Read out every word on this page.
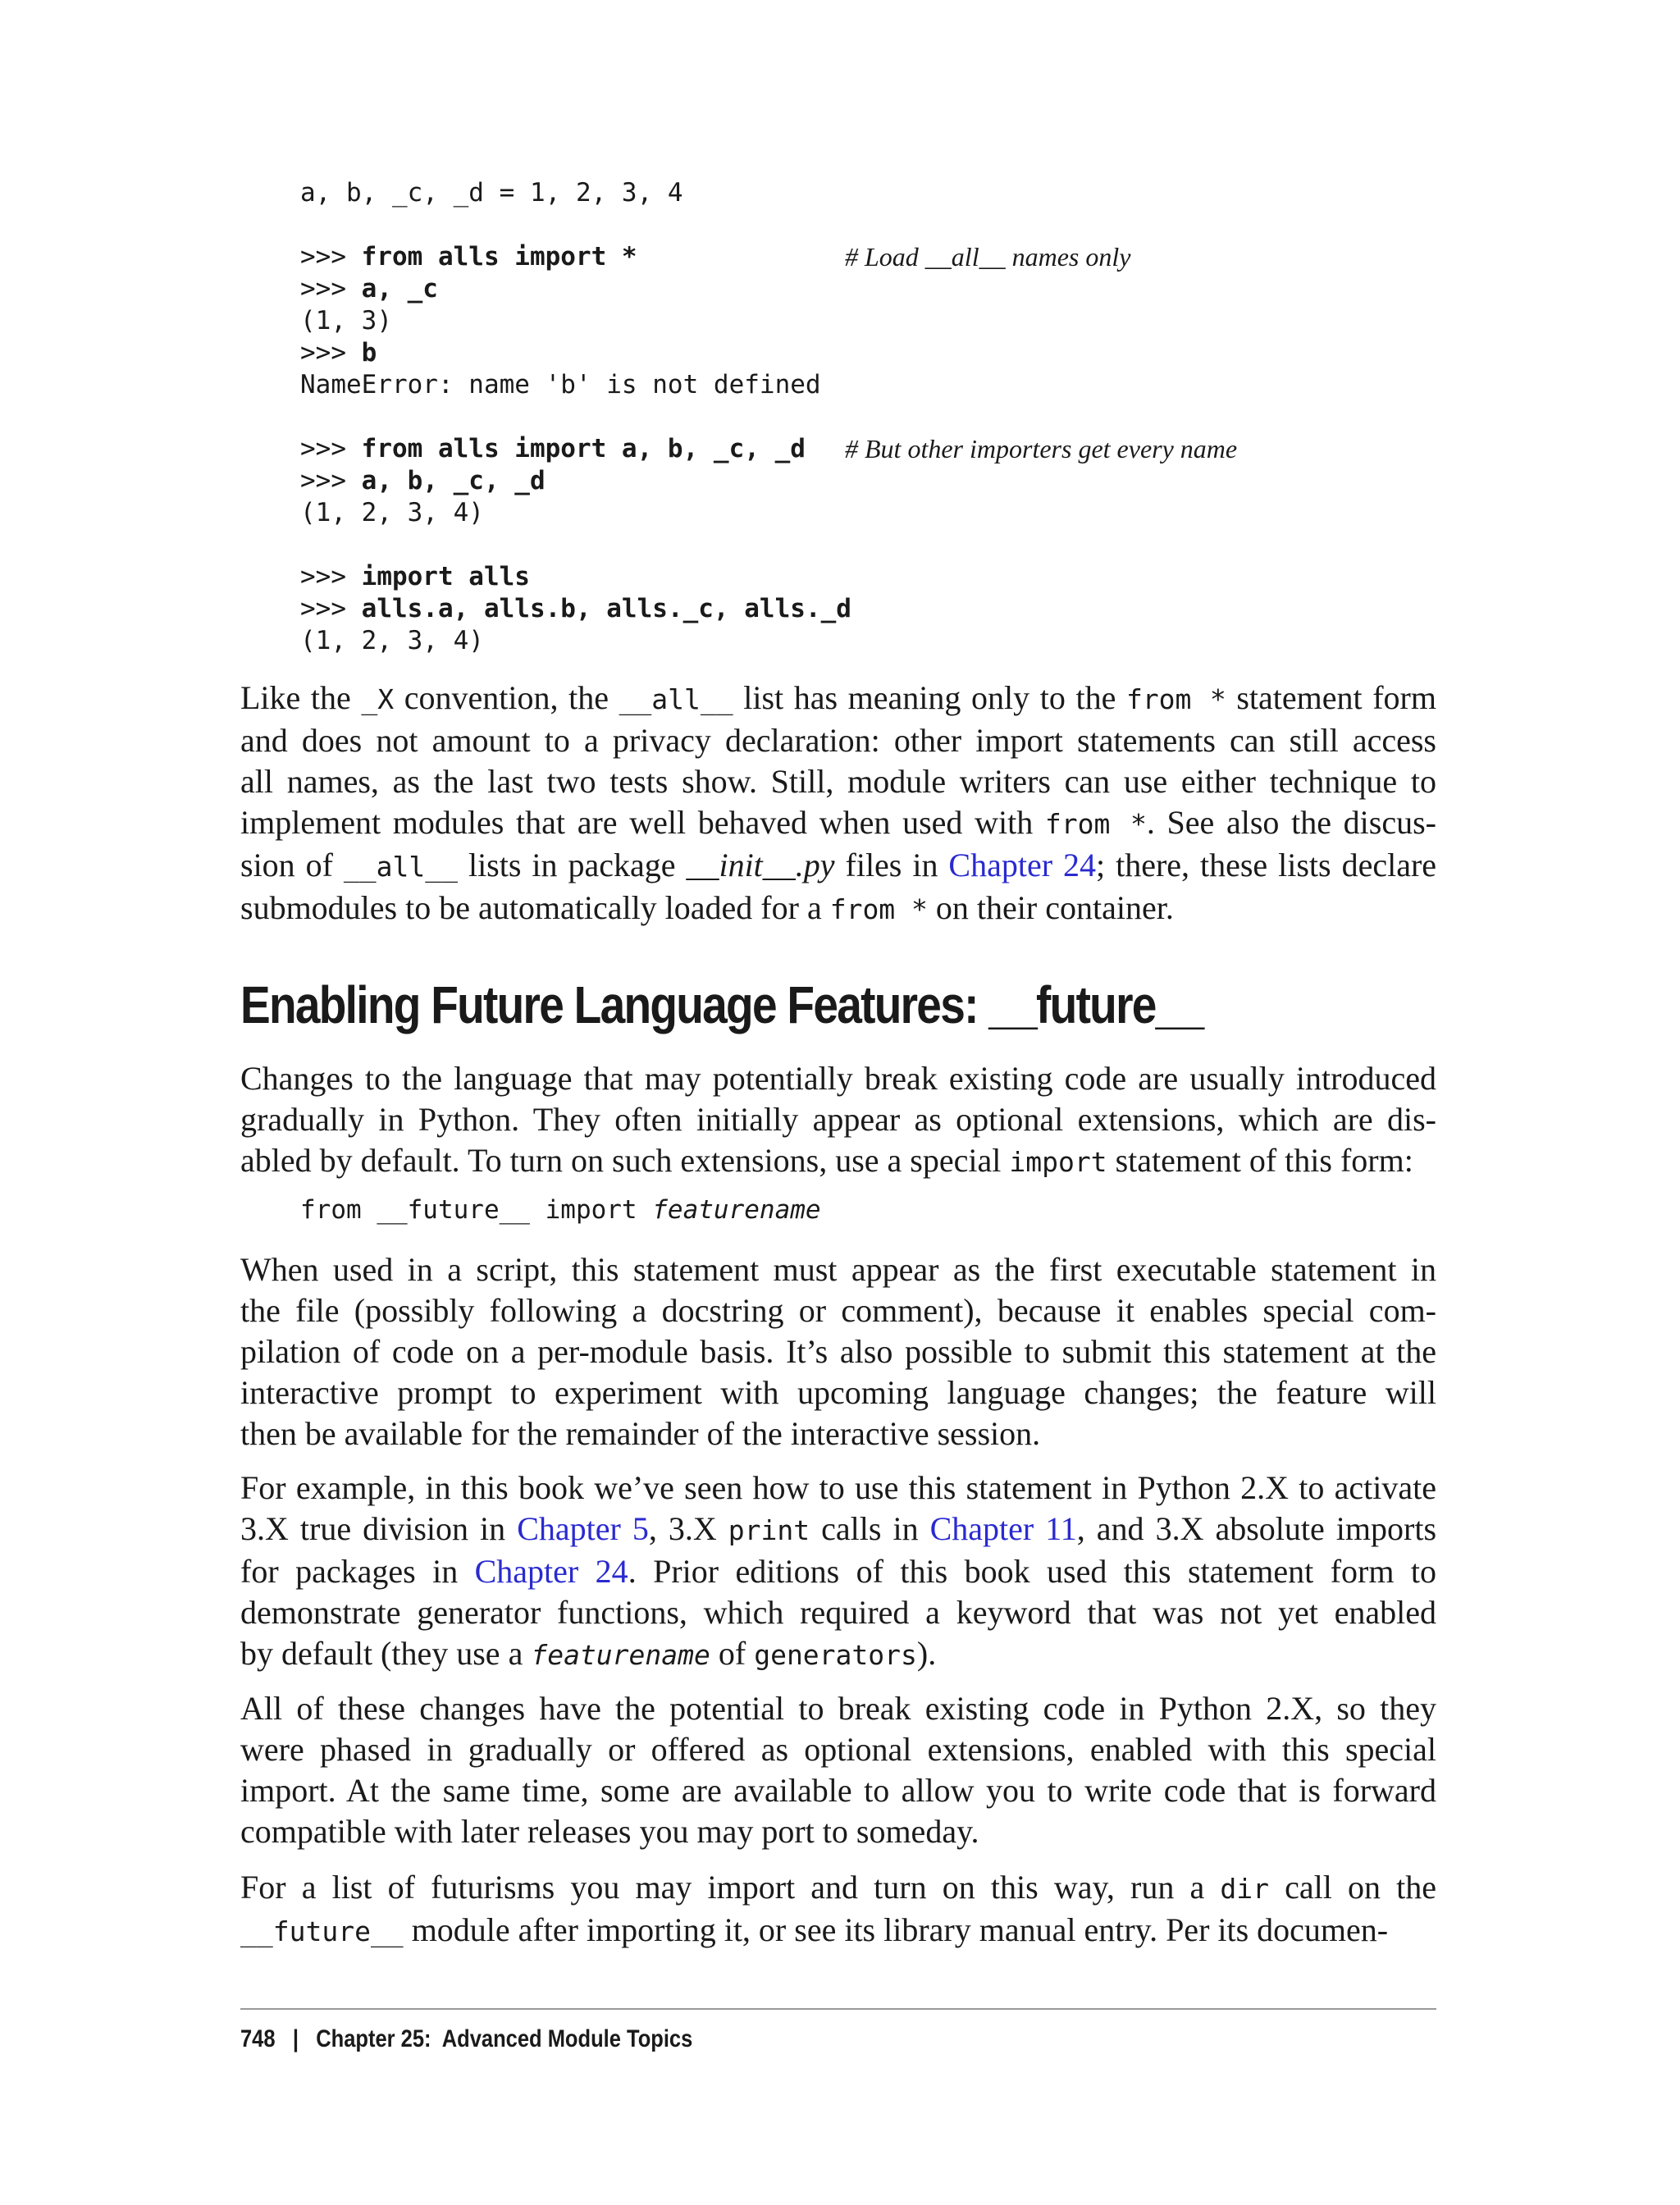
a, b, _c, _d = 1, 2, 3, 4
>>> from alls import *	# Load __all__ names only
>>> a, _c
(1, 3)
>>> b
NameError: name 'b' is not defined
>>> from alls import a, b, _c, _d # But other importers get every name
>>> a, b, _c, _d
(1, 2, 3, 4)
>>> import alls
>>> alls.a, alls.b, alls._c, alls._d
(1, 2, 3, 4)

Like the _X convention, the __all__ list has meaning only to the from * statement form
and does not amount to a privacy declaration: other import statements can still access
all names, as the last two tests show. Still, module writers can use either technique to
implement modules that are well behaved when used with from *. See also the discus-
sion of __all__ lists in package __init__.py files in Chapter 24; there, these lists declare
submodules to be automatically loaded for a from * on their container.

Enabling Future Language Features: __future__

Changes to the language that may potentially break existing code are usually introduced
gradually in Python. They often initially appear as optional extensions, which are dis-
abled by default. To turn on such extensions, use a special import statement of this form:

from __future__ import featurename

When used in a script, this statement must appear as the first executable statement in
the file (possibly following a docstring or comment), because it enables special com-
pilation of code on a per-module basis. It’s also possible to submit this statement at the
interactive prompt to experiment with upcoming language changes; the feature will
then be available for the remainder of the interactive session.

For example, in this book we’ve seen how to use this statement in Python 2.X to activate
3.X true division in Chapter 5, 3.X print calls in Chapter 11, and 3.X absolute imports
for packages in Chapter 24. Prior editions of this book used this statement form to
demonstrate generator functions, which required a keyword that was not yet enabled
by default (they use a featurename of generators).

All of these changes have the potential to break existing code in Python 2.X, so they
were phased in gradually or offered as optional extensions, enabled with this special
import. At the same time, some are available to allow you to write code that is forward
compatible with later releases you may port to someday.

For a list of futurisms you may import and turn on this way, run a dir call on the
__future__ module after importing it, or see its library manual entry. Per its documen-

748 | Chapter 25:  Advanced Module Topics
